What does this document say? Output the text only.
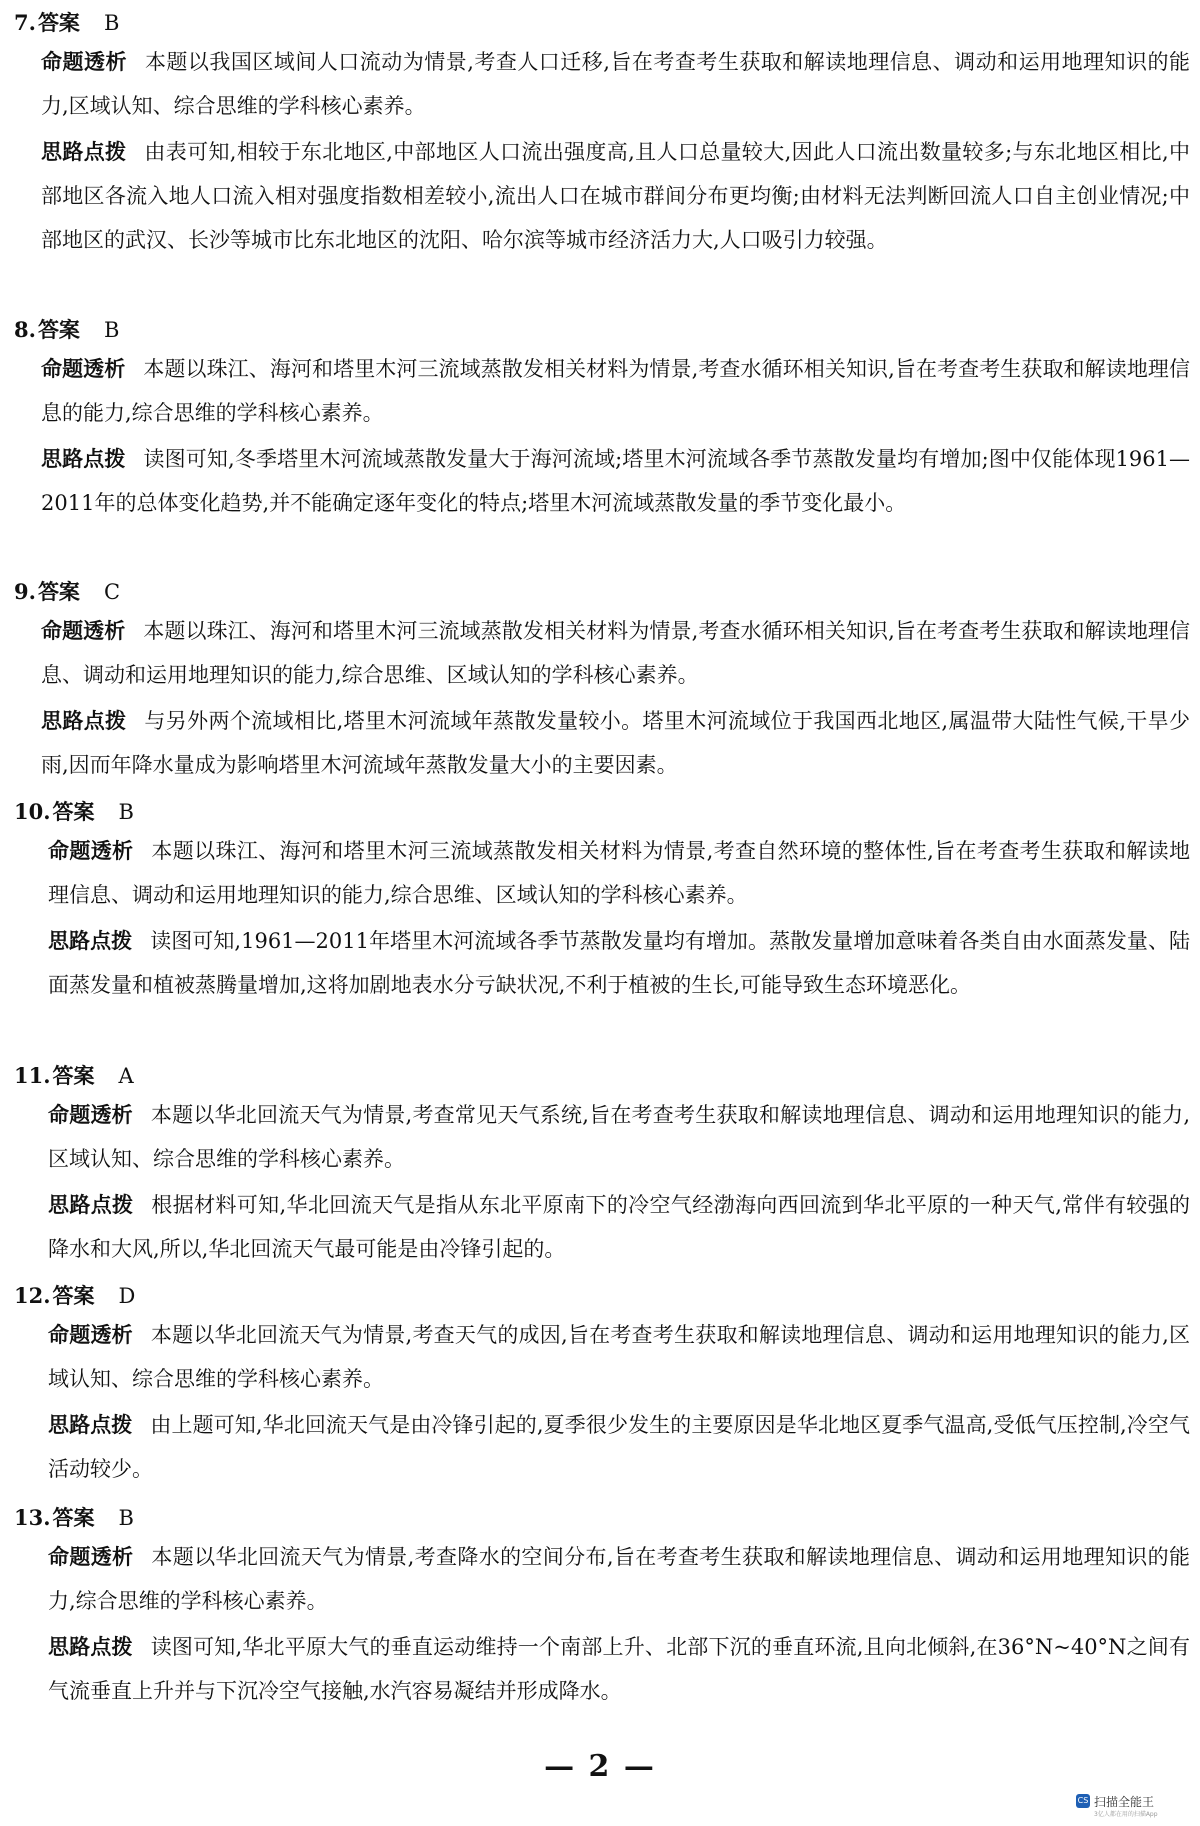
7.答案 B
命题透析 本题以我国区域间人口流动为情景,考查人口迁移,旨在考查考生获取和解读地理信息、调动和运用地理知识的能力,区域认知、综合思维的学科核心素养。
思路点拨 由表可知,相较于东北地区,中部地区人口流出强度高,且人口总量较大,因此人口流出数量较多;与东北地区相比,中部地区各流入地人口流入相对强度指数相差较小,流出人口在城市群间分布更均衡;由材料无法判断回流人口自主创业情况;中部地区的武汉、长沙等城市比东北地区的沈阳、哈尔滨等城市经济活力大,人口吸引力较强。
8.答案 B
命题透析 本题以珠江、海河和塔里木河三流域蒸散发相关材料为情景,考查水循环相关知识,旨在考查考生获取和解读地理信息的能力,综合思维的学科核心素养。
思路点拨 读图可知,冬季塔里木河流域蒸散发量大于海河流域;塔里木河流域各季节蒸散发量均有增加;图中仅能体现1961—2011年的总体变化趋势,并不能确定逐年变化的特点;塔里木河流域蒸散发量的季节变化最小。
9.答案 C
命题透析 本题以珠江、海河和塔里木河三流域蒸散发相关材料为情景,考查水循环相关知识,旨在考查考生获取和解读地理信息、调动和运用地理知识的能力,综合思维、区域认知的学科核心素养。
思路点拨 与另外两个流域相比,塔里木河流域年蒸散发量较小。塔里木河流域位于我国西北地区,属温带大陆性气候,干旱少雨,因而年降水量成为影响塔里木河流域年蒸散发量大小的主要因素。
10.答案 B
命题透析 本题以珠江、海河和塔里木河三流域蒸散发相关材料为情景,考查自然环境的整体性,旨在考查考生获取和解读地理信息、调动和运用地理知识的能力,综合思维、区域认知的学科核心素养。
思路点拨 读图可知,1961—2011年塔里木河流域各季节蒸散发量均有增加。蒸散发量增加意味着各类自由水面蒸发量、陆面蒸发量和植被蒸腾量增加,这将加剧地表水分亏缺状况,不利于植被的生长,可能导致生态环境恶化。
11.答案 A
命题透析 本题以华北回流天气为情景,考查常见天气系统,旨在考查考生获取和解读地理信息、调动和运用地理知识的能力,区域认知、综合思维的学科核心素养。
思路点拨 根据材料可知,华北回流天气是指从东北平原南下的冷空气经渤海向西回流到华北平原的一种天气,常伴有较强的降水和大风,所以,华北回流天气最可能是由冷锋引起的。
12.答案 D
命题透析 本题以华北回流天气为情景,考查天气的成因,旨在考查考生获取和解读地理信息、调动和运用地理知识的能力,区域认知、综合思维的学科核心素养。
思路点拨 由上题可知,华北回流天气是由冷锋引起的,夏季很少发生的主要原因是华北地区夏季气温高,受低气压控制,冷空气活动较少。
13.答案 B
命题透析 本题以华北回流天气为情景,考查降水的空间分布,旨在考查考生获取和解读地理信息、调动和运用地理知识的能力,综合思维的学科核心素养。
思路点拨 读图可知,华北平原大气的垂直运动维持一个南部上升、北部下沉的垂直环流,且向北倾斜,在36°N~40°N之间有气流垂直上升并与下沉冷空气接触,水汽容易凝结并形成降水。
— 2 —
CS 扫描全能王
3亿人都在用的扫描App
